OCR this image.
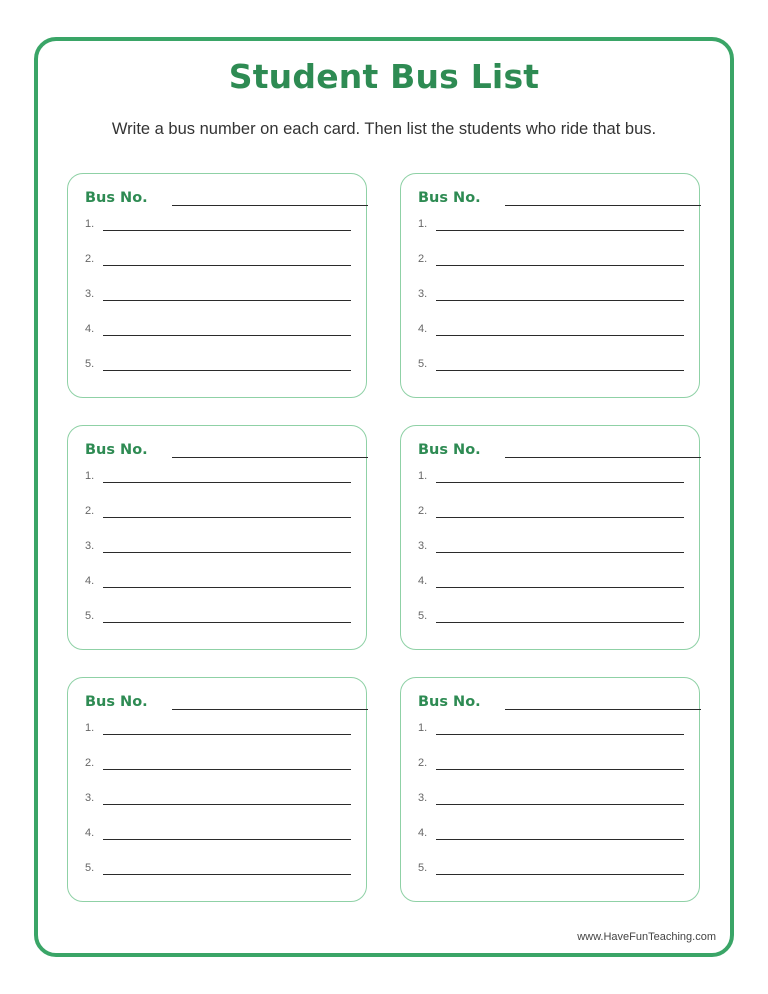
Student Bus List

Write a bus number on each card. Then list the students who ride that bus.

Bus No.
1.
2.
3.
4.
5.
Bus No.
1.
2.
3.
4.
5.
Bus No.
1.
2.
3.
4.
5.
Bus No.
1.
2.
3.
4.
5.
Bus No.
1.
2.
3.
4.
5.
Bus No.
1.
2.
3.
4.
5.
www.HaveFunTeaching.com
